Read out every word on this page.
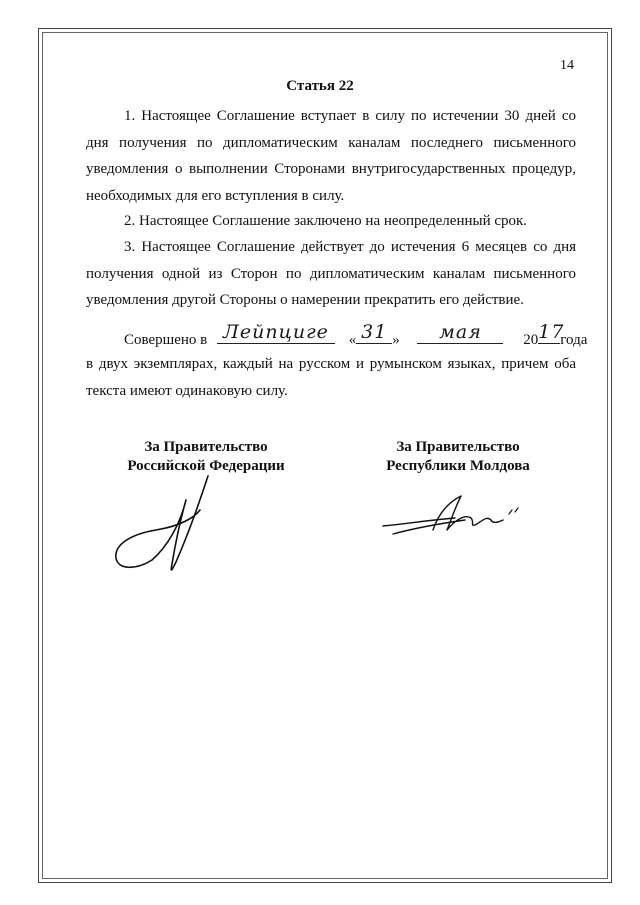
14
Статья 22

1. Настоящее Соглашение вступает в силу по истечении 30 дней со дня получения по дипломатическим каналам последнего письменного уведомления о выполнении Сторонами внутригосударственных процедур, необходимых для его вступления в силу.

2. Настоящее Соглашение заключено на неопределенный срок.

3. Настоящее Соглашение действует до истечения 6 месяцев со дня получения одной из Сторон по дипломатическим каналам письменного уведомления другой Стороны о намерении прекратить его действие.

Совершено в Лейпциге	« 31 »	мая	20 17
года

в двух экземплярах, каждый на русском и румынском языках, причем оба текста имеют одинаковую силу.

За Правительство
Российской Федерации
За Правительство
Республики Молдова
